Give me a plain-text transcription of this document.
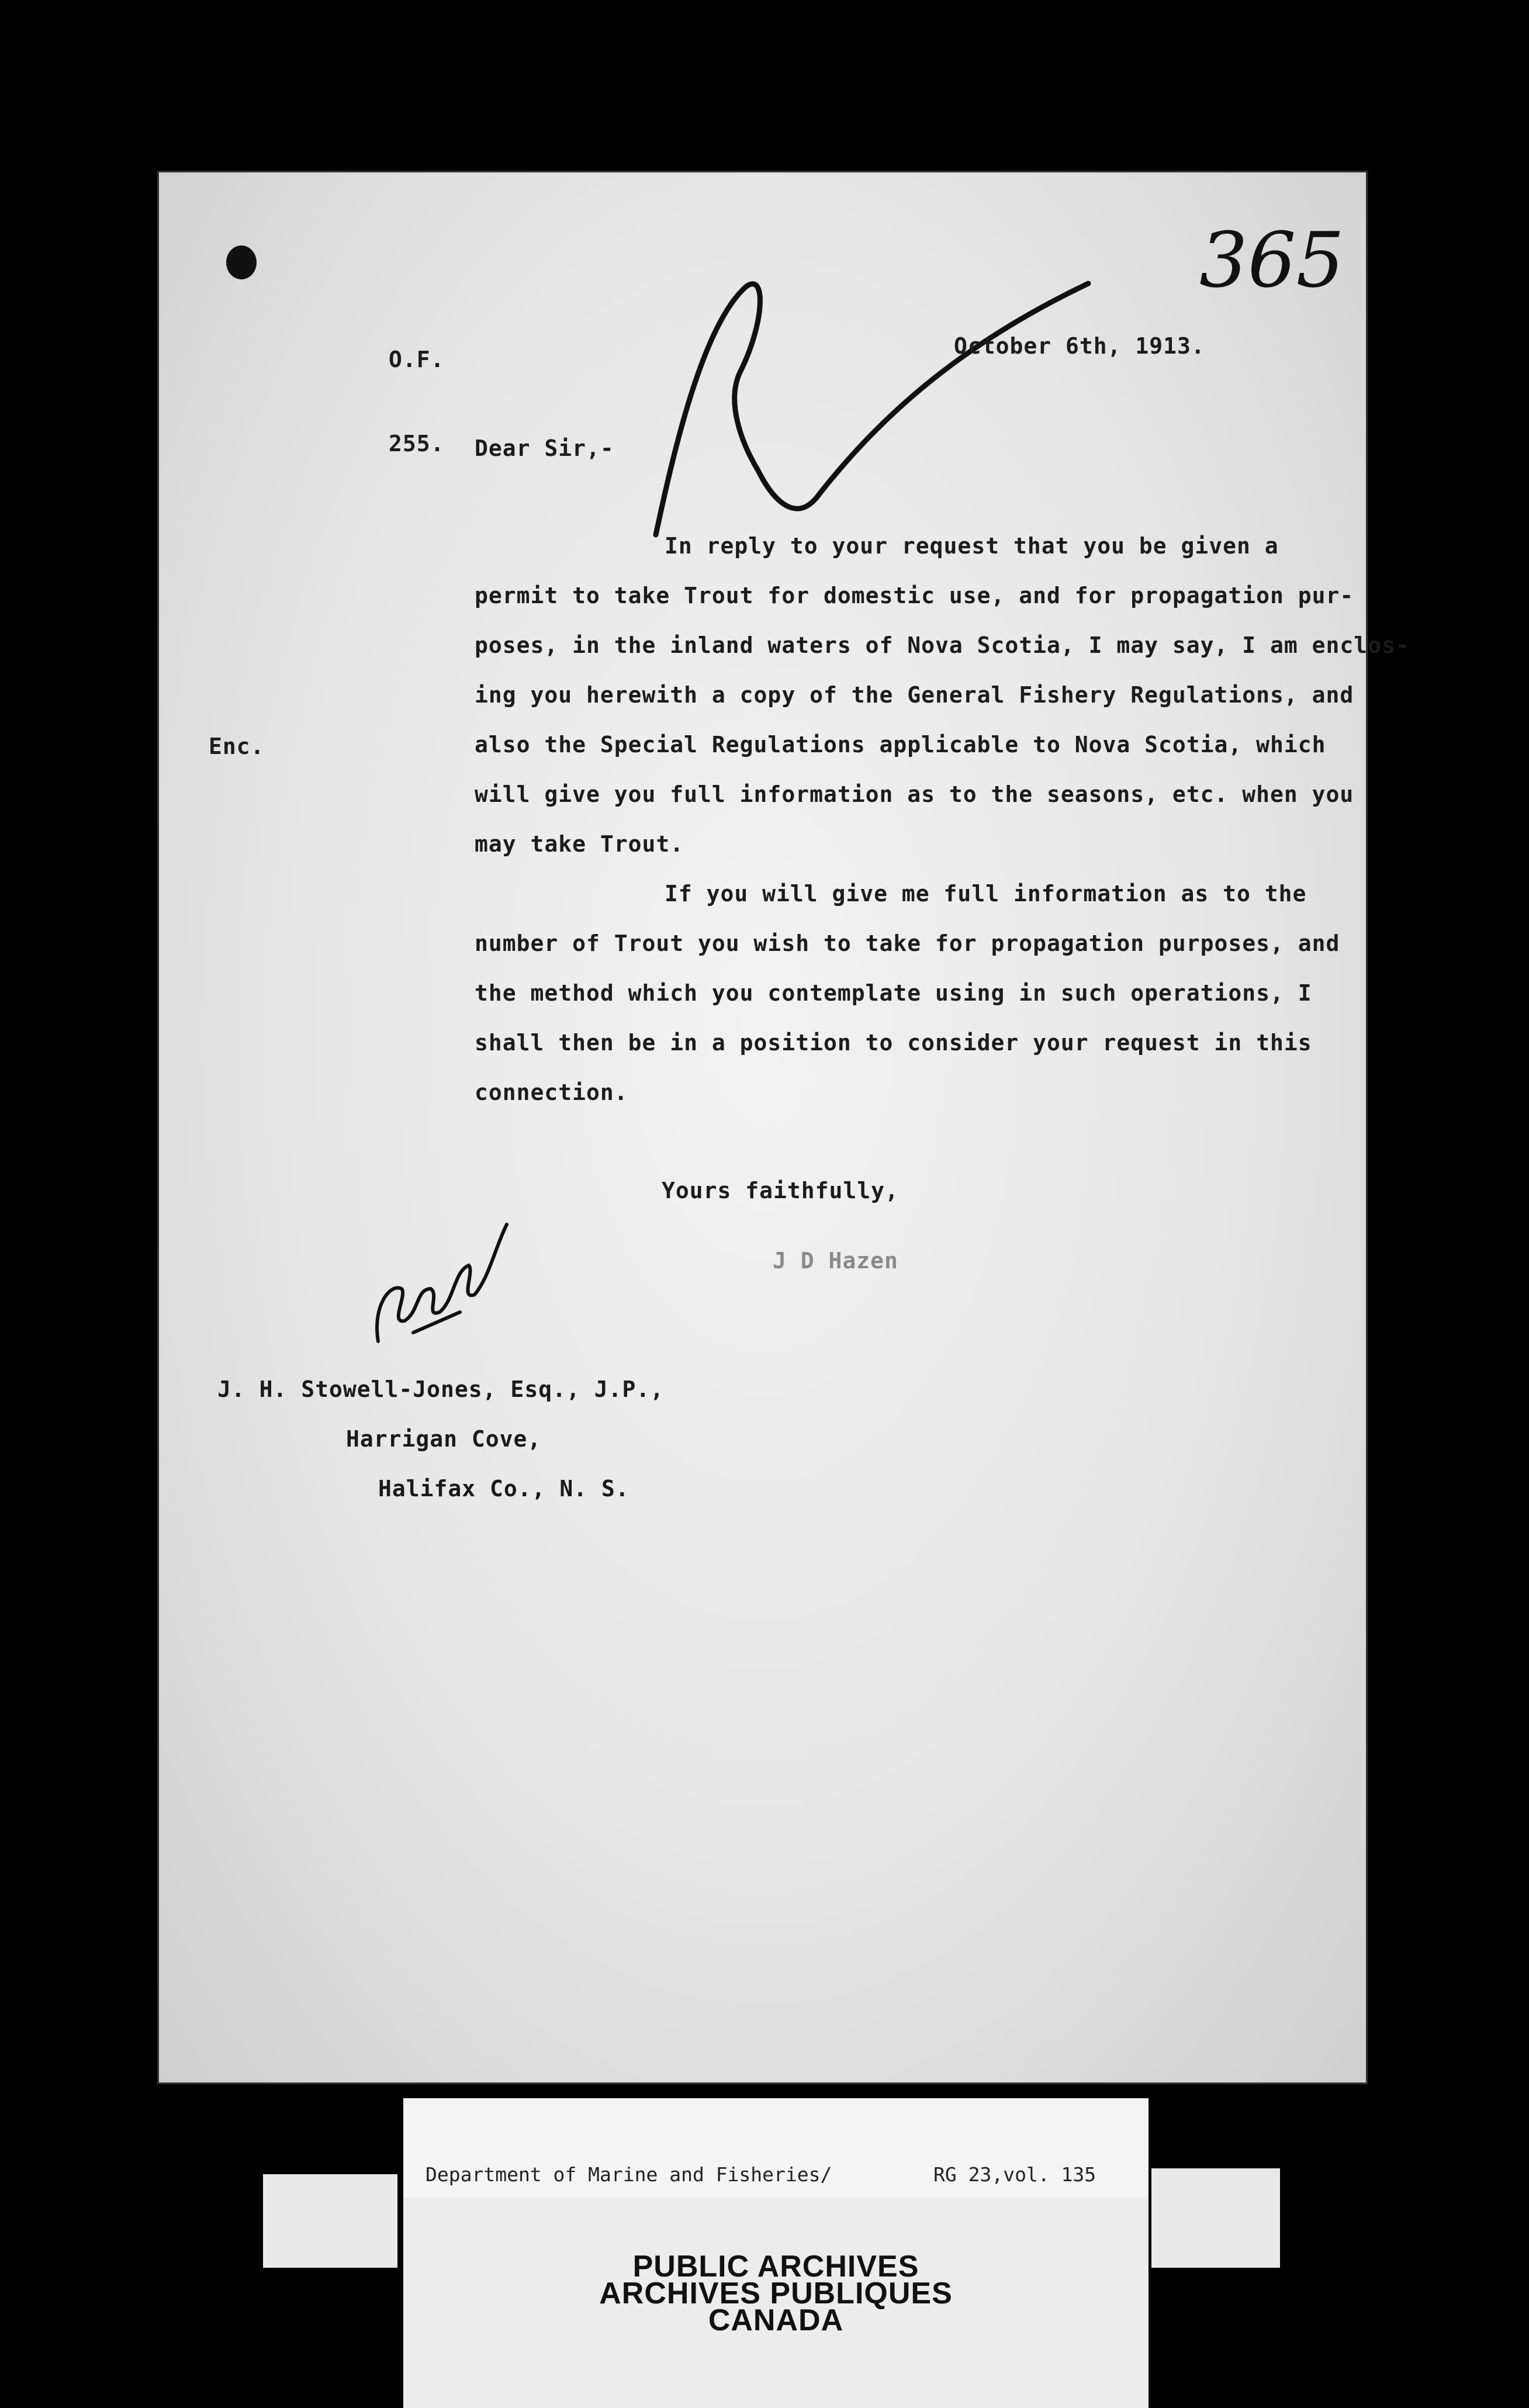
O.F.

255.

365
October 6th, 1913.
Dear Sir,-
In reply to your request that you be given a
permit to take Trout for domestic use, and for propagation pur-
poses, in the inland waters of Nova Scotia, I may say, I am enclos-
ing you herewith a copy of the General Fishery Regulations, and
also the Special Regulations applicable to Nova Scotia, which
will give you full information as to the seasons, etc. when you
may take Trout.
Enc.
If you will give me full information as to the
number of Trout you wish to take for propagation purposes, and
the method which you contemplate using in such operations, I
shall then be in a position to consider your request in this
connection.
Yours faithfully,
J D Hazen
J. H. Stowell-Jones, Esq., J.P.,
Harrigan Cove,
Halifax Co., N. S.

Department of Marine and Fisheries/

	RG 23,vol. 135

PUBLIC ARCHIVES
ARCHIVES PUBLIQUES
CANADA
